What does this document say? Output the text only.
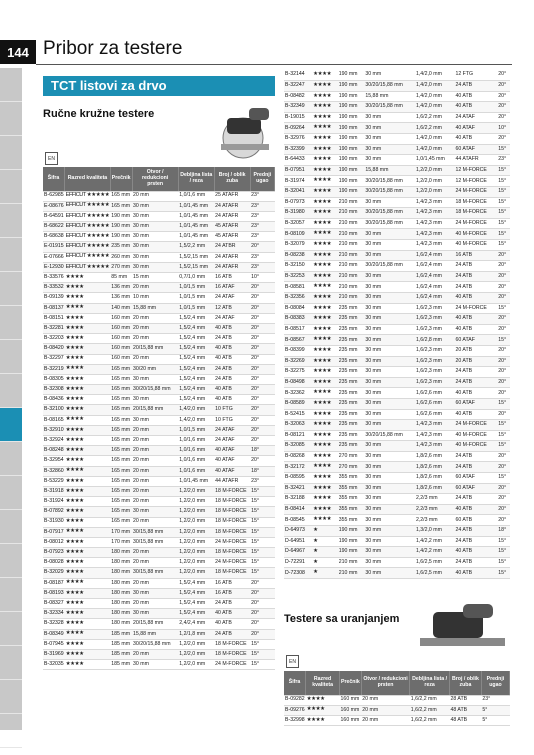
144 Pribor za testere
TCT listovi za drvo
Ručne kružne testere
EN
Šifra	Razred kvaliteta	Prečnik	Otvor / redukcioni prsten	Debljina lista / reza	Broj / oblik zuba	Prednji ugao
B-62985	EFFICUT ★★★★★	165 mm	20 mm	1,0/1,6 mm	25 ATAFR	23°
E-08676	EFFICUT ★★★★★	165 mm	30 mm	1,0/1,45 mm	24 ATAFR	23°
B-64591	EFFICUT ★★★★★	190 mm	30 mm	1,0/1,45 mm	24 ATAFR	23°
B-68622	EFFICUT ★★★★★	190 mm	30 mm	1,0/1,45 mm	45 ATAFR	23°
B-68638	EFFICUT ★★★★★	190 mm	30 mm	1,0/1,45 mm	45 ATAFR	23°
E-01915	EFFICUT ★★★★★	235 mm	30 mm	1,5/2,2 mm	24 ATBR	20°
E-07666	EFFICUT ★★★★★	260 mm	30 mm	1,5/2,15 mm	24 ATAFR	23°
E-12930	EFFICUT ★★★★★	270 mm	30 mm	1,5/2,15 mm	24 ATAFR	23°
B-33576	★★★★	85 mm	15 mm	0,7/1,0 mm	16 ATB	10°
B-33532	★★★★	136 mm	20 mm	1,0/1,5 mm	16 ATAF	20°
B-09139	★★★★	136 mm	10 mm	1,0/1,5 mm	24 ATAF	20°
B-08137	★★★★	140 mm	15,88 mm	1,0/1,5 mm	12 ATB	20°
B-08151	★★★★	160 mm	20 mm	1,5/2,4 mm	24 ATAF	20°
B-32281	★★★★	160 mm	20 mm	1,5/2,4 mm	40 ATB	20°
B-32203	★★★★	160 mm	20 mm	1,5/2,4 mm	24 ATB	20°
B-08420	★★★★	160 mm	20/15,88 mm	1,5/2,4 mm	40 ATB	20°
B-32297	★★★★	160 mm	20 mm	1,5/2,4 mm	40 ATB	20°
B-32219	★★★★	165 mm	30/20 mm	1,5/2,4 mm	24 ATB	20°
B-08305	★★★★	165 mm	30 mm	1,5/2,4 mm	24 ATB	20°
B-32308	★★★★	165 mm	30/20/15,88 mm	1,5/2,4 mm	40 ATB	20°
B-08436	★★★★	165 mm	30 mm	1,5/2,4 mm	40 ATB	20°
B-32100	★★★★	165 mm	20/15,88 mm	1,4/2,0 mm	10 FTG	20°
B-08165	★★★★	165 mm	30 mm	1,4/2,0 mm	10 FTG	20°
B-32910	★★★★	165 mm	20 mm	1,0/1,5 mm	24 ATAF	20°
B-32924	★★★★	165 mm	20 mm	1,0/1,6 mm	24 ATAF	20°
B-08248	★★★★	165 mm	20 mm	1,0/1,6 mm	40 ATAF	18°
B-32954	★★★★	165 mm	20 mm	1,0/1,6 mm	40 ATAF	20°
B-32860	★★★★	165 mm	20 mm	1,0/1,6 mm	40 ATAF	18°
B-53229	★★★★	165 mm	20 mm	1,0/1,45 mm	44 ATAFR	23°
B-31918	★★★★	165 mm	20 mm	1,2/2,0 mm	18 M-FORCE	15°
B-31924	★★★★	165 mm	20 mm	1,2/2,0 mm	18 M-FORCE	15°
B-07892	★★★★	165 mm	30 mm	1,2/2,0 mm	18 M-FORCE	15°
B-31930	★★★★	165 mm	20 mm	1,2/2,0 mm	18 M-FORCE	15°
B-07917	★★★★	170 mm	30/15,88 mm	1,2/2,0 mm	18 M-FORCE	15°
B-08012	★★★★	170 mm	30/15,88 mm	1,2/2,0 mm	24 M-FORCE	15°
B-07923	★★★★	180 mm	20 mm	1,2/2,0 mm	18 M-FORCE	15°
B-08028	★★★★	180 mm	20 mm	1,2/2,0 mm	24 M-FORCE	15°
B-32029	★★★★	180 mm	30/15,88 mm	1,2/2,0 mm	18 M-FORCE	15°
B-08187	★★★★	180 mm	20 mm	1,5/2,4 mm	16 ATB	20°
B-08193	★★★★	180 mm	30 mm	1,5/2,4 mm	16 ATB	20°
B-08327	★★★★	180 mm	20 mm	1,5/2,4 mm	24 ATB	20°
B-32334	★★★★	180 mm	30 mm	1,5/2,4 mm	40 ATB	20°
B-32328	★★★★	180 mm	20/15,88 mm	2,4/2,4 mm	40 ATB	20°
B-08349	★★★★	185 mm	15,88 mm	1,2/1,8 mm	24 ATB	20°
B-07945	★★★★	185 mm	30/20/15,88 mm	1,2/2,0 mm	18 M-FORCE	15°
B-31969	★★★★	185 mm	20 mm	1,2/2,0 mm	18 M-FORCE	15°
B-32035	★★★★	185 mm	30 mm	1,2/2,0 mm	24 M-FORCE	15°
B-32144	★★★★	190 mm	30 mm	1,4/2,0 mm	12 FTG	20°
B-32247	★★★★	190 mm	30/20/15,88 mm	1,4/2,0 mm	24 ATB	20°
B-08482	★★★★	190 mm	15,88 mm	1,4/2,0 mm	40 ATB	20°
B-32349	★★★★	190 mm	30/20/15,88 mm	1,4/2,0 mm	40 ATB	20°
B-19015	★★★★	190 mm	30 mm	1,6/2,2 mm	24 ATAF	20°
B-09264	★★★★	190 mm	30 mm	1,6/2,2 mm	40 ATAF	10°
B-32976	★★★★	190 mm	30 mm	1,4/2,0 mm	40 ATB	20°
B-32399	★★★★	190 mm	30 mm	1,4/2,0 mm	60 ATAF	15°
B-64433	★★★★	190 mm	30 mm	1,0/1,45 mm	44 ATAFR	23°
B-07951	★★★★	190 mm	15,88 mm	1,2/2,0 mm	12 M-FORCE	15°
B-31974	★★★★	190 mm	30/20/15,88 mm	1,2/2,0 mm	12 M-FORCE	15°
B-32041	★★★★	190 mm	30/20/15,88 mm	1,2/2,0 mm	24 M-FORCE	15°
B-07973	★★★★	210 mm	30 mm	1,4/2,3 mm	18 M-FORCE	15°
B-31980	★★★★	210 mm	30/20/15,88 mm	1,4/2,3 mm	18 M-FORCE	15°
B-32057	★★★★	210 mm	30/20/15,88 mm	1,4/2,3 mm	24 M-FORCE	15°
B-08109	★★★★	210 mm	30 mm	1,4/2,3 mm	40 M-FORCE	15°
B-32079	★★★★	210 mm	30 mm	1,4/2,3 mm	40 M-FORCE	15°
B-08238	★★★★	210 mm	30 mm	1,6/2,4 mm	16 ATB	20°
B-32150	★★★★	210 mm	30/20/15,88 mm	1,6/2,4 mm	24 ATB	20°
B-32253	★★★★	210 mm	30 mm	1,6/2,4 mm	24 ATB	20°
B-08581	★★★★	210 mm	30 mm	1,6/2,4 mm	24 ATB	20°
B-32356	★★★★	210 mm	30 mm	1,6/2,4 mm	40 ATB	20°
B-08084	★★★★	235 mm	30 mm	1,6/2,3 mm	24 M-FORCE	15°
B-08383	★★★★	235 mm	30 mm	1,6/2,3 mm	40 ATB	20°
B-08517	★★★★	235 mm	30 mm	1,6/2,3 mm	40 ATB	20°
B-08567	★★★★	235 mm	30 mm	1,6/2,8 mm	60 ATAF	15°
B-08399	★★★★	235 mm	30 mm	1,6/2,3 mm	20 ATB	20°
B-32269	★★★★	235 mm	30 mm	1,6/2,3 mm	20 ATB	20°
B-32275	★★★★	235 mm	30 mm	1,6/2,3 mm	24 ATB	20°
B-08498	★★★★	235 mm	30 mm	1,6/2,3 mm	24 ATB	20°
B-32362	★★★★	235 mm	30 mm	1,6/2,6 mm	40 ATB	20°
B-08589	★★★★	235 mm	30 mm	1,6/2,6 mm	60 ATAF	15°
B-52415	★★★★	235 mm	30 mm	1,6/2,6 mm	40 ATB	20°
B-32063	★★★★	235 mm	30 mm	1,4/2,3 mm	24 M-FORCE	15°
B-08121	★★★★	235 mm	30/20/15,88 mm	1,4/2,3 mm	40 M-FORCE	15°
B-32085	★★★★	235 mm	30 mm	1,4/2,3 mm	40 M-FORCE	15°
B-08268	★★★★	270 mm	30 mm	1,8/2,6 mm	24 ATB	20°
B-32172	★★★★	270 mm	30 mm	1,8/2,6 mm	24 ATB	20°
B-08595	★★★★	355 mm	30 mm	1,8/2,6 mm	60 ATAF	15°
B-32421	★★★★	355 mm	30 mm	1,8/2,6 mm	60 ATAF	20°
B-32188	★★★★	355 mm	30 mm	2,2/3 mm	24 ATB	20°
B-08414	★★★★	355 mm	30 mm	2,2/3 mm	40 ATB	20°
B-08545	★★★★	355 mm	30 mm	2,2/3 mm	60 ATB	20°
D-64973	★	190 mm	30 mm	1,3/2,0 mm	24 ATB	18°
D-64951	★	190 mm	30 mm	1,4/2,2 mm	24 ATB	15°
D-64967	★	190 mm	30 mm	1,4/2,2 mm	40 ATB	15°
D-72291	★	210 mm	30 mm	1,6/2,5 mm	24 ATB	15°
D-72308	★	210 mm	30 mm	1,6/2,5 mm	40 ATB	15°
Testere sa uranjanjem
EN
Šifra	Razred kvaliteta	Prečnik	Otvor / redukcioni prsten	Debljina lista / reza	Broj / oblik zuba	Prednji ugao
B-09282	★★★★	160 mm	20 mm	1,6/2,2 mm	28 ATB	23°
B-09276	★★★★	160 mm	20 mm	1,6/2,2 mm	48 ATB	5°
B-32998	★★★★	160 mm	20 mm	1,6/2,2 mm	48 ATB	5°
